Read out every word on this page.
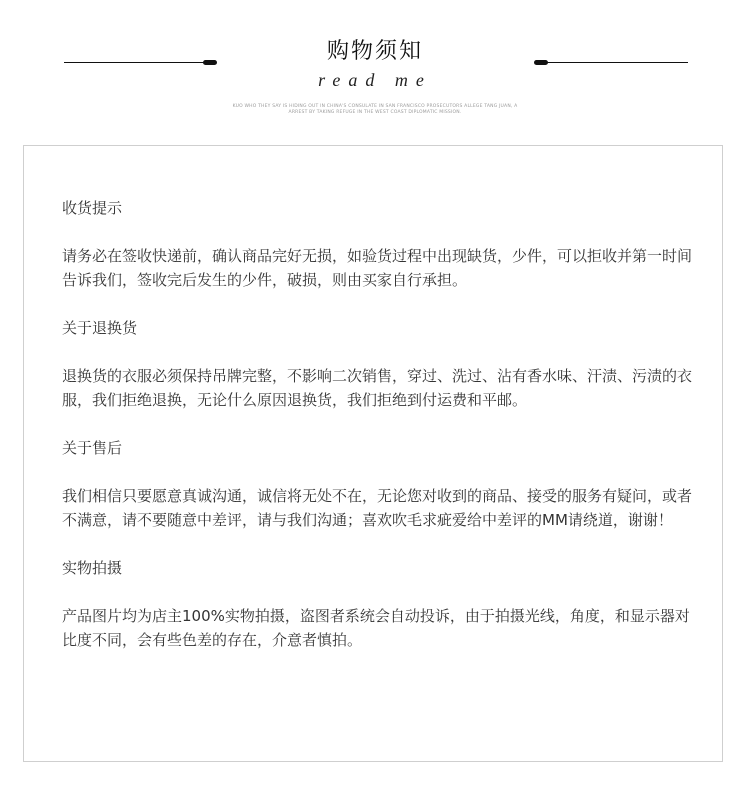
购物须知
read me
KUO WHO THEY SAY IS HIDING OUT IN CHINA'S CONSULATE IN SAN FRANCISCO PROSECUTORS ALLEGE TANG JUAN, A
ARREST BY TAKING REFUGE IN THE WEST COAST DIPLOMATIC MISSION.
收货提示
请务必在签收快递前，确认商品完好无损，如验货过程中出现缺货，少件，可以拒收并第一时间告诉我们，签收完后发生的少件，破损，则由买家自行承担。
关于退换货
退换货的衣服必须保持吊牌完整，不影响二次销售，穿过、洗过、沾有香水味、汗渍、污渍的衣服，我们拒绝退换，无论什么原因退换货，我们拒绝到付运费和平邮。
关于售后
我们相信只要愿意真诚沟通，诚信将无处不在，无论您对收到的商品、接受的服务有疑问，或者不满意，请不要随意中差评，请与我们沟通；喜欢吹毛求疵爱给中差评的MM请绕道，谢谢！
实物拍摄
产品图片均为店主100%实物拍摄，盗图者系统会自动投诉，由于拍摄光线，角度，和显示器对比度不同，会有些色差的存在，介意者慎拍。
